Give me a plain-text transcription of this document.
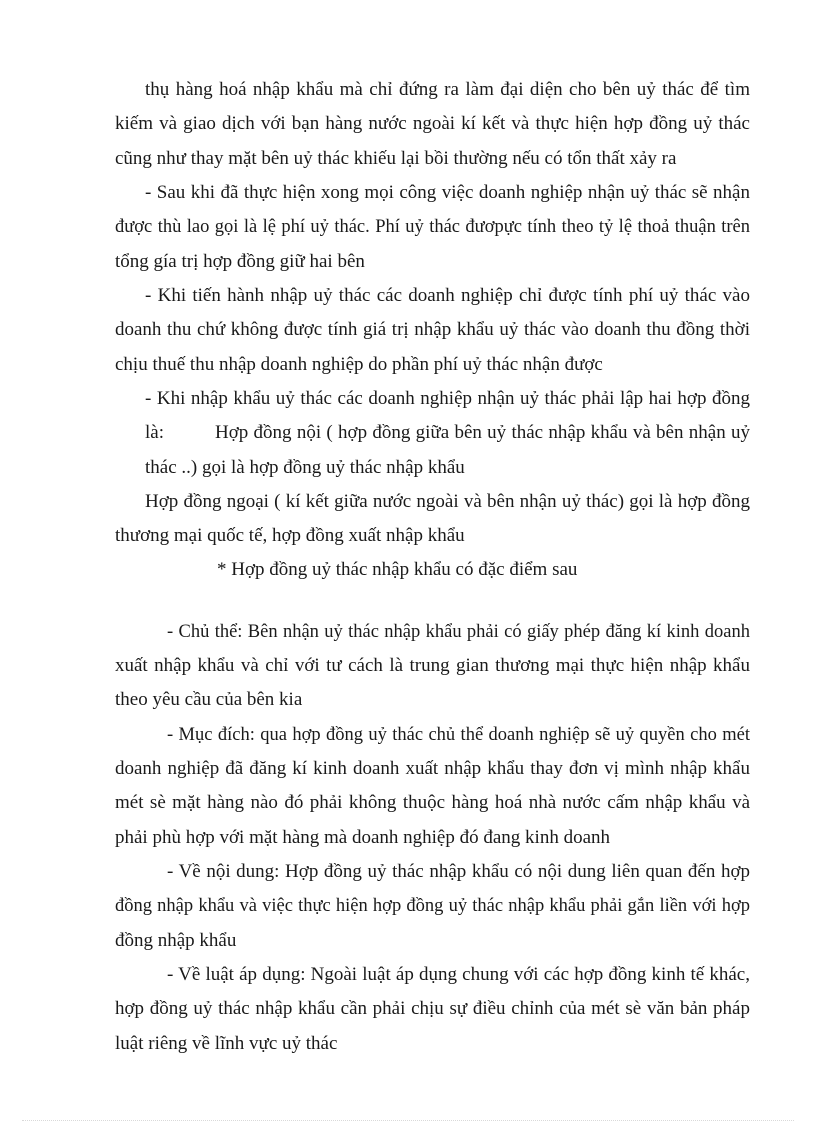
thụ hàng hoá nhập khẩu mà chỉ đứng ra làm đại diện cho bên uỷ thác để tìm
kiếm và giao dịch với bạn hàng nước ngoài kí kết và thực hiện hợp đồng uỷ thác
cũng như thay mặt bên uỷ thác khiếu lại bồi thường nếu có tổn thất xảy ra
- Sau khi đã thực hiện xong mọi công việc doanh nghiệp nhận uỷ thác sẽ nhận
được thù lao gọi là lệ phí uỷ thác. Phí uỷ thác đươpực tính theo tỷ lệ thoả thuận trên
tổng gía trị hợp đồng giữ hai bên
- Khi tiến hành nhập uỷ thác các doanh nghiệp chỉ được tính phí uỷ thác vào
doanh thu chứ không được tính giá trị nhập khẩu uỷ thác vào doanh thu đồng thời
chịu thuế thu nhập doanh nghiệp do phần phí uỷ thác nhận được
- Khi nhập khẩu uỷ thác các doanh nghiệp nhận uỷ thác phải lập hai hợp đồng
là:	Hợp đồng nội ( hợp đồng giữa bên uỷ thác nhập khẩu và bên nhận uỷ
thác ..) gọi là hợp đồng uỷ thác nhập khẩu
Hợp đồng ngoại ( kí kết giữa nước ngoài và bên nhận uỷ thác) gọi là hợp đồng
thương mại quốc tế, hợp đồng xuất nhập khẩu
* Hợp đồng uỷ thác nhập khẩu có đặc điểm sau
- Chủ thể: Bên nhận uỷ thác nhập khẩu phải có giấy phép đăng kí kinh doanh
xuất nhập khẩu và chỉ với tư cách là trung gian thương mại thực hiện nhập khẩu
theo yêu cầu của bên kia
- Mục đích: qua hợp đồng uỷ thác chủ thể doanh nghiệp sẽ uỷ quyền cho mét
doanh nghiệp đã đăng kí kinh doanh xuất nhập khẩu thay đơn vị mình nhập khẩu
mét sè mặt hàng nào đó phải không thuộc hàng hoá nhà nước cấm nhập khẩu và
phải phù hợp với mặt hàng mà doanh nghiệp đó đang kinh doanh
- Về nội dung: Hợp đồng uỷ thác nhập khẩu có nội dung liên quan đến hợp
đồng nhập khẩu và việc thực hiện hợp đồng uỷ thác nhập khẩu phải gắn liền với hợp
đồng nhập khẩu
- Về luật áp dụng: Ngoài luật áp dụng chung với các hợp đồng kinh tế khác,
hợp đồng uỷ thác nhập khẩu cần phải chịu sự điều chỉnh của mét sè văn bản pháp
luật riêng về lĩnh vực uỷ thác
